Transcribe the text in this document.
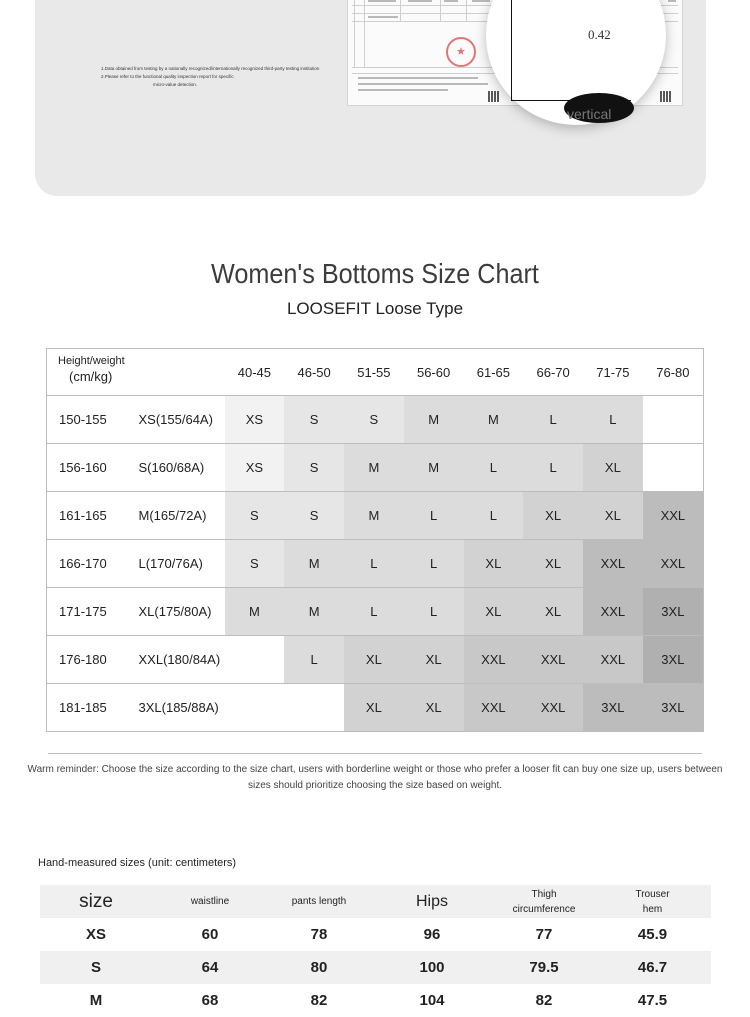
1.Data obtained from testing by a nationally recognized/internationally recognized third-party testing institution
2.Please refer to the functional quality inspection report for specific
micro-value detection.
★
0.42
vertical
Women's Bottoms Size Chart
LOOSEFIT Loose Type
Height/weight
(cm/kg)		40-45	46-50	51-55	56-60	61-65	66-70	71-75	76-80
150-155	XS(155/64A)	XS	S	S	M	M	L	L	
156-160	S(160/68A)	XS	S	M	M	L	L	XL	
161-165	M(165/72A)	S	S	M	L	L	XL	XL	XXL
166-170	L(170/76A)	S	M	L	L	XL	XL	XXL	XXL
171-175	XL(175/80A)	M	M	L	L	XL	XL	XXL	3XL
176-180	XXL(180/84A)		L	XL	XL	XXL	XXL	XXL	3XL
181-185	3XL(185/88A)			XL	XL	XXL	XXL	3XL	3XL
Warm reminder: Choose the size according to the size chart, users with borderline weight or those who prefer a looser fit can buy one size up, users between sizes should prioritize choosing the size based on weight.
Hand-measured sizes (unit: centimeters)
size	waistline	pants length	Hips	Thigh circumference	Trouser hem
XS	60	78	96	77	45.9
S	64	80	100	79.5	46.7
M	68	82	104	82	47.5
